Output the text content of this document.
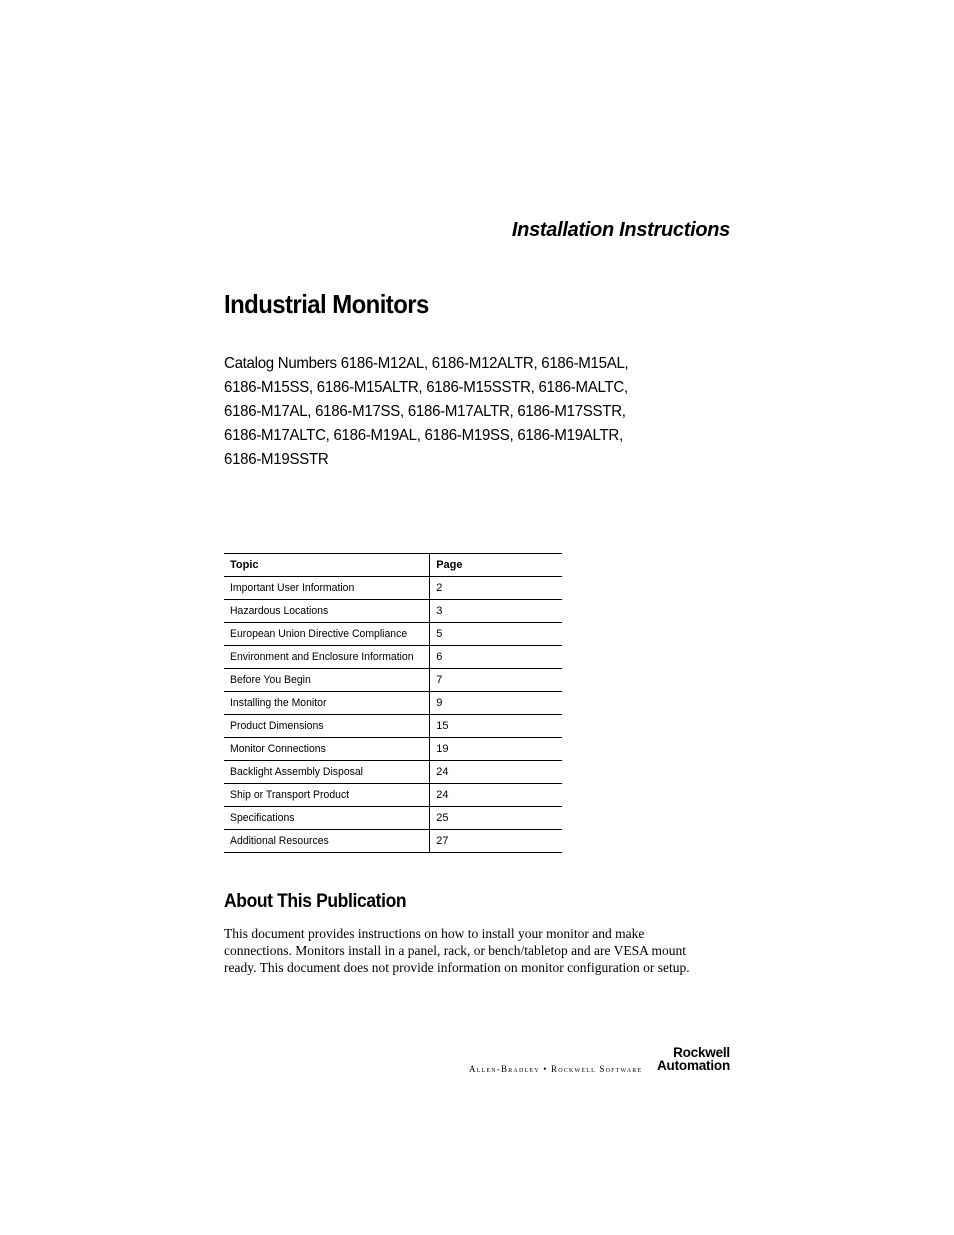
Installation Instructions
Industrial Monitors
Catalog Numbers 6186-M12AL, 6186-M12ALTR, 6186-M15AL,
6186-M15SS, 6186-M15ALTR, 6186-M15SSTR, 6186-MALTC,
6186-M17AL, 6186-M17SS, 6186-M17ALTR, 6186-M17SSTR,
6186-M17ALTC, 6186-M19AL, 6186-M19SS, 6186-M19ALTR,
6186-M19SSTR
Topic	Page
Important User Information	2
Hazardous Locations	3
European Union Directive Compliance	5
Environment and Enclosure Information	6
Before You Begin	7
Installing the Monitor	9
Product Dimensions	15
Monitor Connections	19
Backlight Assembly Disposal	24
Ship or Transport Product	24
Specifications	25
Additional Resources	27
About This Publication
This document provides instructions on how to install your monitor and make connections. Monitors install in a panel, rack, or bench/tabletop and are VESA mount ready. This document does not provide information on monitor configuration or setup.
Allen-Bradley • Rockwell Software
Rockwell
Automation
